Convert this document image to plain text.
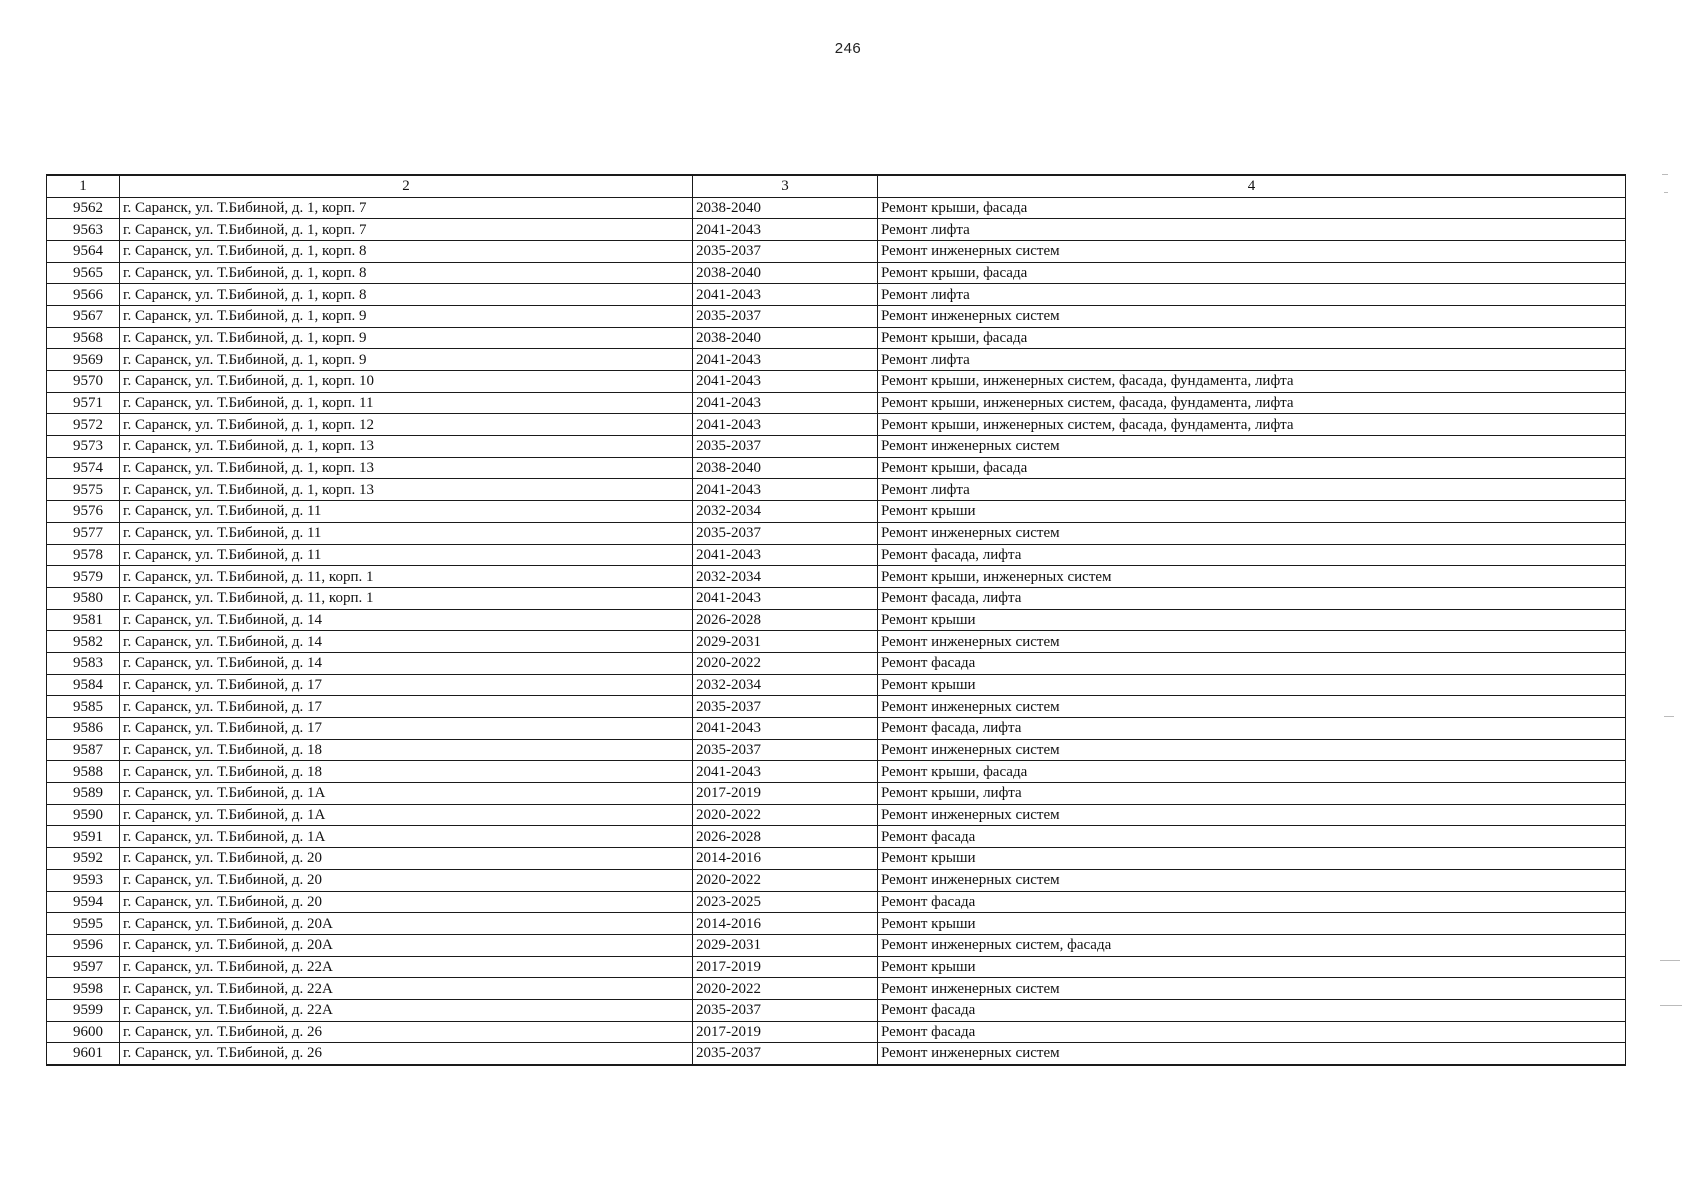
246
1	2	3	4
9562	г. Саранск, ул. Т.Бибиной, д. 1, корп. 7	2038-2040	Ремонт крыши, фасада
9563	г. Саранск, ул. Т.Бибиной, д. 1, корп. 7	2041-2043	Ремонт лифта
9564	г. Саранск, ул. Т.Бибиной, д. 1, корп. 8	2035-2037	Ремонт инженерных систем
9565	г. Саранск, ул. Т.Бибиной, д. 1, корп. 8	2038-2040	Ремонт крыши, фасада
9566	г. Саранск, ул. Т.Бибиной, д. 1, корп. 8	2041-2043	Ремонт лифта
9567	г. Саранск, ул. Т.Бибиной, д. 1, корп. 9	2035-2037	Ремонт инженерных систем
9568	г. Саранск, ул. Т.Бибиной, д. 1, корп. 9	2038-2040	Ремонт крыши, фасада
9569	г. Саранск, ул. Т.Бибиной, д. 1, корп. 9	2041-2043	Ремонт лифта
9570	г. Саранск, ул. Т.Бибиной, д. 1, корп. 10	2041-2043	Ремонт крыши, инженерных систем, фасада, фундамента, лифта
9571	г. Саранск, ул. Т.Бибиной, д. 1, корп. 11	2041-2043	Ремонт крыши, инженерных систем, фасада, фундамента, лифта
9572	г. Саранск, ул. Т.Бибиной, д. 1, корп. 12	2041-2043	Ремонт крыши, инженерных систем, фасада, фундамента, лифта
9573	г. Саранск, ул. Т.Бибиной, д. 1, корп. 13	2035-2037	Ремонт инженерных систем
9574	г. Саранск, ул. Т.Бибиной, д. 1, корп. 13	2038-2040	Ремонт крыши, фасада
9575	г. Саранск, ул. Т.Бибиной, д. 1, корп. 13	2041-2043	Ремонт лифта
9576	г. Саранск, ул. Т.Бибиной, д. 11	2032-2034	Ремонт крыши
9577	г. Саранск, ул. Т.Бибиной, д. 11	2035-2037	Ремонт инженерных систем
9578	г. Саранск, ул. Т.Бибиной, д. 11	2041-2043	Ремонт фасада, лифта
9579	г. Саранск, ул. Т.Бибиной, д. 11, корп. 1	2032-2034	Ремонт крыши, инженерных систем
9580	г. Саранск, ул. Т.Бибиной, д. 11, корп. 1	2041-2043	Ремонт фасада, лифта
9581	г. Саранск, ул. Т.Бибиной, д. 14	2026-2028	Ремонт крыши
9582	г. Саранск, ул. Т.Бибиной, д. 14	2029-2031	Ремонт инженерных систем
9583	г. Саранск, ул. Т.Бибиной, д. 14	2020-2022	Ремонт фасада
9584	г. Саранск, ул. Т.Бибиной, д. 17	2032-2034	Ремонт крыши
9585	г. Саранск, ул. Т.Бибиной, д. 17	2035-2037	Ремонт инженерных систем
9586	г. Саранск, ул. Т.Бибиной, д. 17	2041-2043	Ремонт фасада, лифта
9587	г. Саранск, ул. Т.Бибиной, д. 18	2035-2037	Ремонт инженерных систем
9588	г. Саранск, ул. Т.Бибиной, д. 18	2041-2043	Ремонт крыши, фасада
9589	г. Саранск, ул. Т.Бибиной, д. 1А	2017-2019	Ремонт крыши, лифта
9590	г. Саранск, ул. Т.Бибиной, д. 1А	2020-2022	Ремонт инженерных систем
9591	г. Саранск, ул. Т.Бибиной, д. 1А	2026-2028	Ремонт фасада
9592	г. Саранск, ул. Т.Бибиной, д. 20	2014-2016	Ремонт крыши
9593	г. Саранск, ул. Т.Бибиной, д. 20	2020-2022	Ремонт инженерных систем
9594	г. Саранск, ул. Т.Бибиной, д. 20	2023-2025	Ремонт фасада
9595	г. Саранск, ул. Т.Бибиной, д. 20А	2014-2016	Ремонт крыши
9596	г. Саранск, ул. Т.Бибиной, д. 20А	2029-2031	Ремонт инженерных систем, фасада
9597	г. Саранск, ул. Т.Бибиной, д. 22А	2017-2019	Ремонт крыши
9598	г. Саранск, ул. Т.Бибиной, д. 22А	2020-2022	Ремонт инженерных систем
9599	г. Саранск, ул. Т.Бибиной, д. 22А	2035-2037	Ремонт фасада
9600	г. Саранск, ул. Т.Бибиной, д. 26	2017-2019	Ремонт фасада
9601	г. Саранск, ул. Т.Бибиной, д. 26	2035-2037	Ремонт инженерных систем
